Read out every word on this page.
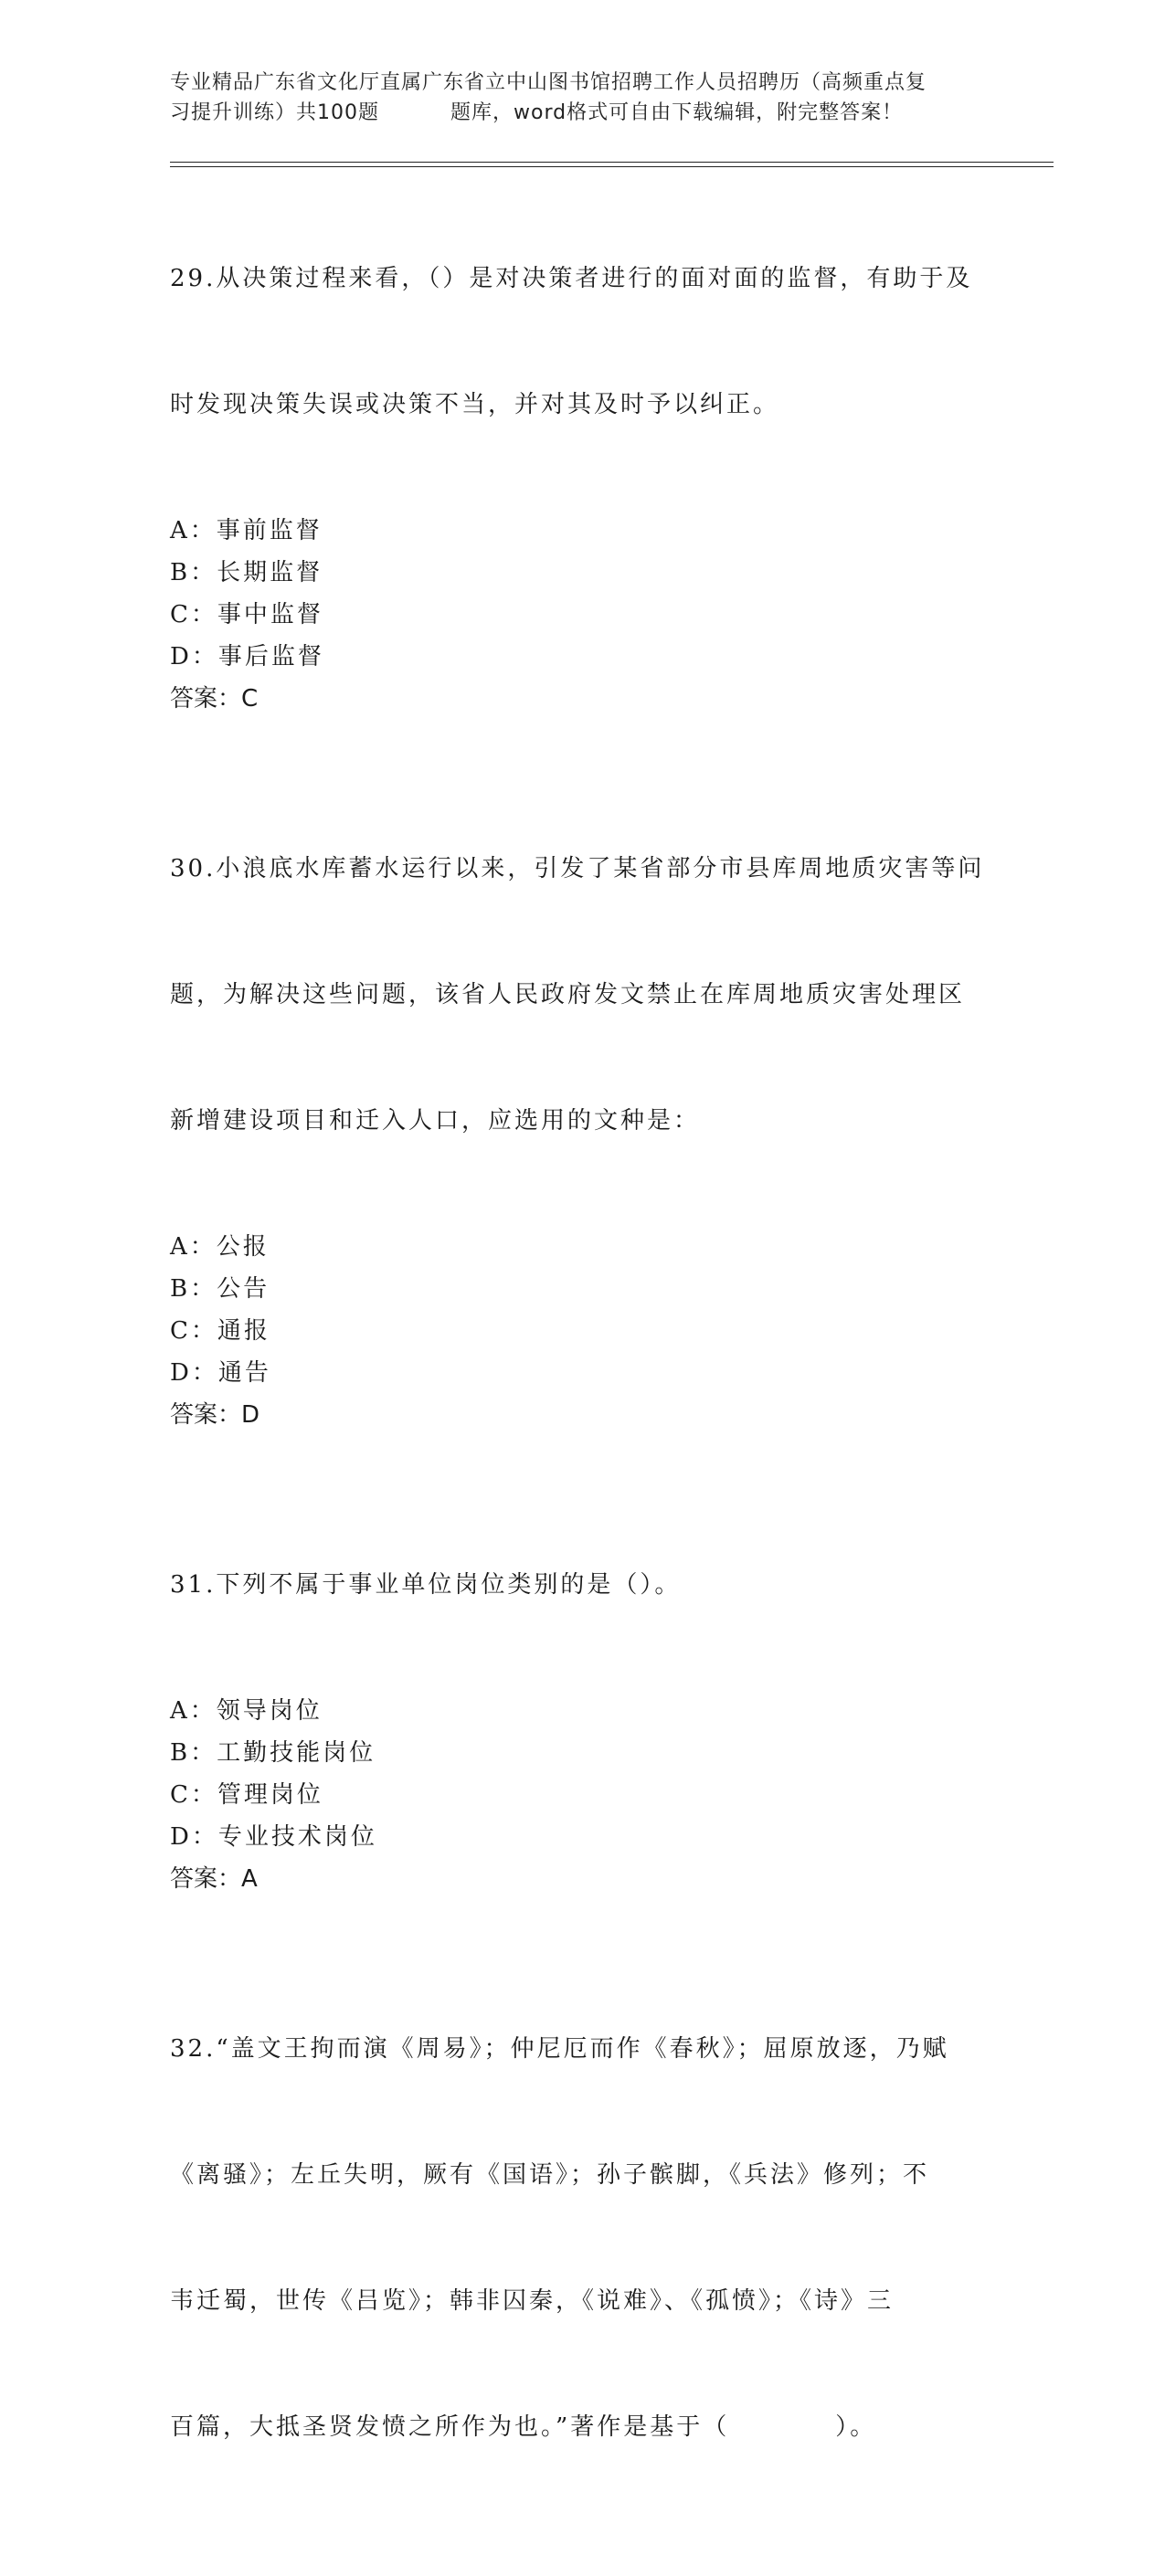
专业精品广东省文化厅直属广东省立中山图书馆招聘工作人员招聘历（高频重点复
习提升训练）共100题	题库，word格式可自由下载编辑，附完整答案！

29.从决策过程来看，（）是对决策者进行的面对面的监督，有助于及

时发现决策失误或决策不当，并对其及时予以纠正。

A：事前监督
B：长期监督
C：事中监督
D：事后监督
答案：C

30.小浪底水库蓄水运行以来，引发了某省部分市县库周地质灾害等问

题，为解决这些问题，该省人民政府发文禁止在库周地质灾害处理区

新增建设项目和迁入人口，应选用的文种是：

A：公报
B：公告
C：通报
D：通告
答案：D

31.下列不属于事业单位岗位类别的是（）。

A：领导岗位
B：工勤技能岗位
C：管理岗位
D：专业技术岗位
答案：A

32.“盖文王拘而演《周易》；仲尼厄而作《春秋》；屈原放逐，乃赋

《离骚》；左丘失明，厥有《国语》；孙子髌脚，《兵法》修列；不

韦迁蜀，世传《吕览》；韩非囚秦，《说难》、《孤愤》；《诗》三

百篇，大抵圣贤发愤之所作为也。”著作是基于（　　　　）。
